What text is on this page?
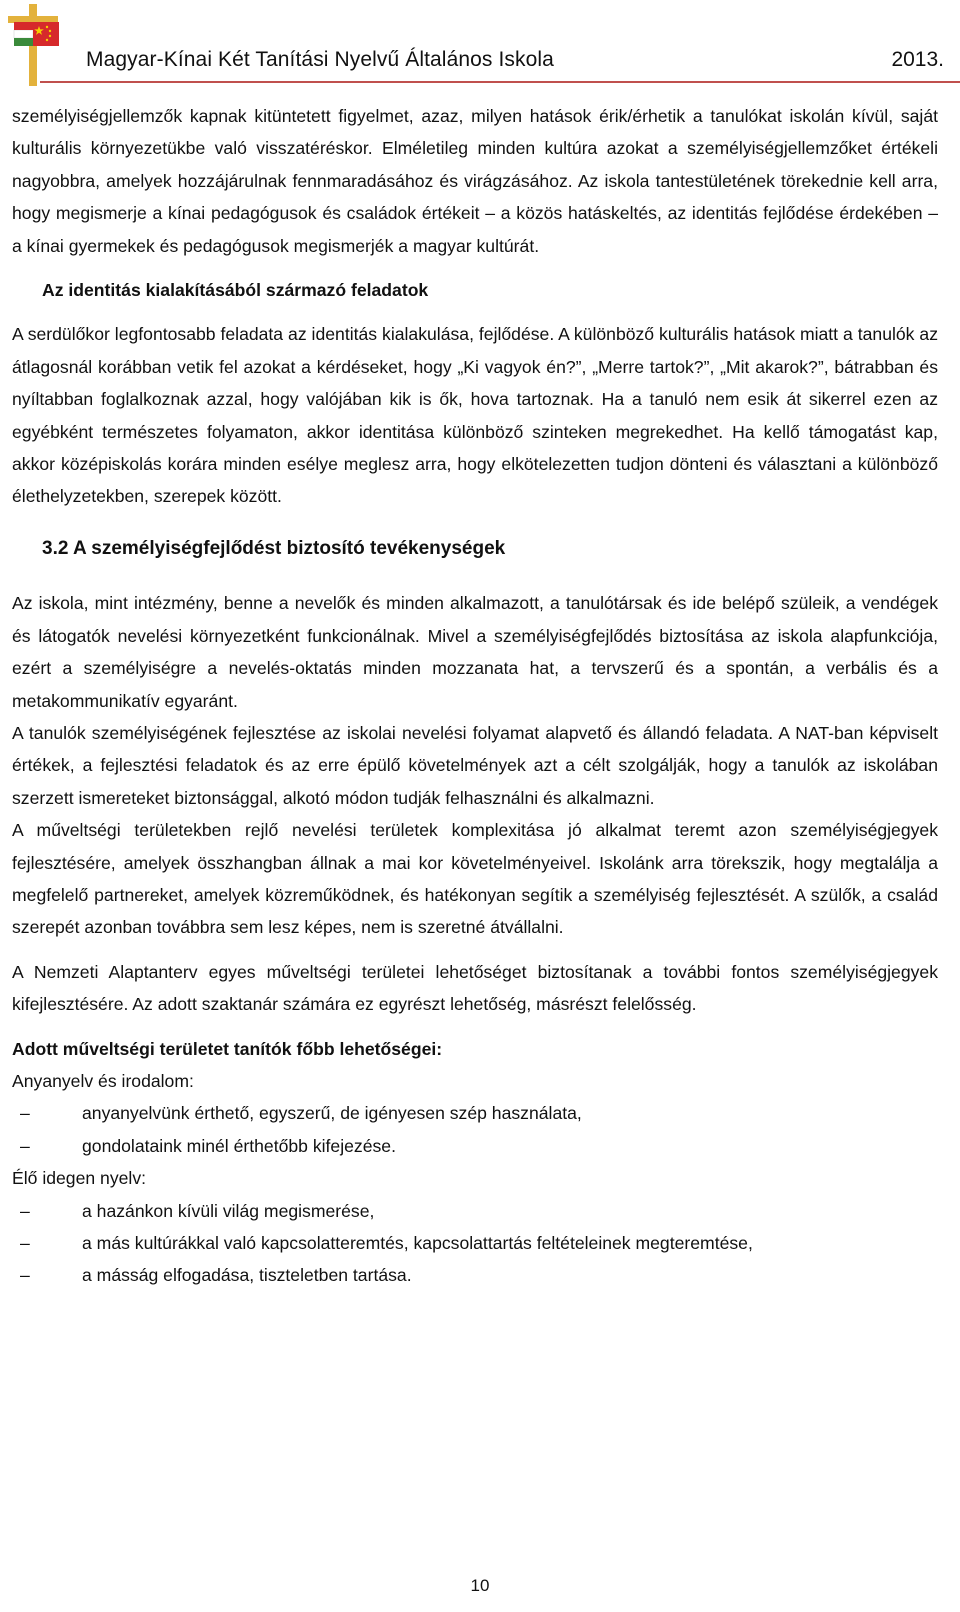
Magyar-Kínai Két Tanítási Nyelvű Általános Iskola	2013.

személyiségjellemzők kapnak kitüntetett figyelmet, azaz, milyen hatások érik/érhetik a tanulókat iskolán kívül, saját kulturális környezetükbe való visszatéréskor. Elméletileg minden kultúra azokat a személyiségjellemzőket értékeli nagyobbra, amelyek hozzájárulnak fennmaradásához és virágzásához. Az iskola tantestületének törekednie kell arra, hogy megismerje a kínai pedagógusok és családok értékeit – a közös hatáskeltés, az identitás fejlődése érdekében – a kínai gyermekek és pedagógusok megismerjék a magyar kultúrát.

Az identitás kialakításából származó feladatok

A serdülőkor legfontosabb feladata az identitás kialakulása, fejlődése. A különböző kulturális hatások miatt a tanulók az átlagosnál korábban vetik fel azokat a kérdéseket, hogy „Ki vagyok én?”, „Merre tartok?”, „Mit akarok?”, bátrabban és nyíltabban foglalkoznak azzal, hogy valójában kik is ők, hova tartoznak. Ha a tanuló nem esik át sikerrel ezen az egyébként természetes folyamaton, akkor identitása különböző szinteken megrekedhet. Ha kellő támogatást kap, akkor középiskolás korára minden esélye meglesz arra, hogy elkötelezetten tudjon dönteni és választani a különböző élethelyzetekben, szerepek között.

3.2 A személyiségfejlődést biztosító tevékenységek

Az iskola, mint intézmény, benne a nevelők és minden alkalmazott, a tanulótársak és ide belépő szüleik, a vendégek és látogatók nevelési környezetként funkcionálnak. Mivel a személyiségfejlődés biztosítása az iskola alapfunkciója, ezért a személyiségre a nevelés-oktatás minden mozzanata hat, a tervszerű és a spontán, a verbális és a metakommunikatív egyaránt.

A tanulók személyiségének fejlesztése az iskolai nevelési folyamat alapvető és állandó feladata. A NAT-ban képviselt értékek, a fejlesztési feladatok és az erre épülő követelmények azt a célt szolgálják, hogy a tanulók az iskolában szerzett ismereteket biztonsággal, alkotó módon tudják felhasználni és alkalmazni.

A műveltségi területekben rejlő nevelési területek komplexitása jó alkalmat teremt azon személyiségjegyek fejlesztésére, amelyek összhangban állnak a mai kor követelményeivel. Iskolánk arra törekszik, hogy megtalálja a megfelelő partnereket, amelyek közreműködnek, és hatékonyan segítik a személyiség fejlesztését. A szülők, a család szerepét azonban továbbra sem lesz képes, nem is szeretné átvállalni.

A Nemzeti Alaptanterv egyes műveltségi területei lehetőséget biztosítanak a további fontos személyiségjegyek kifejlesztésére. Az adott szaktanár számára ez egyrészt lehetőség, másrészt felelősség.

Adott műveltségi területet tanítók főbb lehetőségei:

Anyanyelv és irodalom:

– anyanyelvünk érthető, egyszerű, de igényesen szép használata,
– gondolataink minél érthetőbb kifejezése.

Élő idegen nyelv:

– a hazánkon kívüli világ megismerése,
– a más kultúrákkal való kapcsolatteremtés, kapcsolattartás feltételeinek megteremtése,
– a másság elfogadása, tiszteletben tartása.
10
